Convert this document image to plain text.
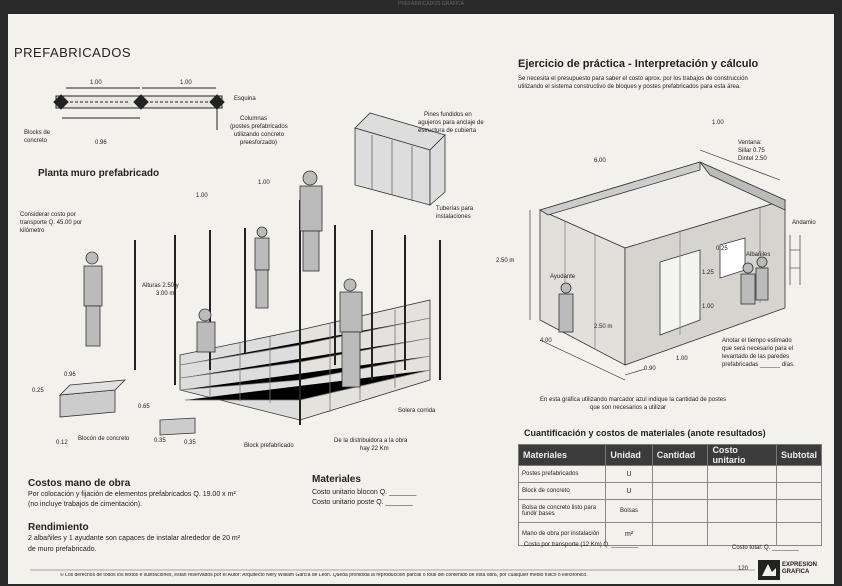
PREFABRICADOS GRAFICA
PREFABRICADOS
1.00	1.00
0.96
Esquina
Blocks de
concreto
Columnas
(postes prefabricados
utilizando concreto
preesforzado)
Pines fundidos en
agujeros para anclaje de
estructura de cubierta
Planta muro prefabricado
1.00
1.00
Considerar costo por
transporte Q. 45.00 por
kilómetro
Tuberías para
instalaciones
Alturas 2.50 y
3.00 m
0.96
0.25
0.65
0.12	0.35	0.35
Blocón de concreto
Block prefabricado
Solera corrida
De la distribuidora a la obra
hay 22 Km
Costos mano de obra
Por colocación y fijación de elementos prefabricados Q. 19.00 x m²
(no incluye trabajos de cimentación).
Rendimiento
2 albañiles y 1 ayudante son capaces de instalar alrededor de 20 m²
de muro prefabricado.
Materiales
Costo unitario blocon Q. _______
Costo unitario poste Q. _______
Ejercicio de práctica - Interpretación y cálculo
Se necesita el presupuesto para saber el costo aprox. por los trabajos de construcción
utilizando el sistema constructivo de bloques y postes prefabricados para esta área.
1.00
6.00
2.50 m
2.50 m
4.00
0.90
1.00
1.25
0.25
1.00
Ventana:
Sillar 0.75
Dintel 2.50
Andamio
Albañiles
Ayudante
Anotar el tiempo estimado
que será necesario para el
levantado de las paredes
prefabricadas ______ días.
En esta gráfica utilizando marcador azul indique la cantidad de postes
que son necesarios a utilizar
Cuantificación y costos de materiales (anote resultados)
Materiales	Unidad	Cantidad	Costo unitario	Subtotal
Postes prefabricados	U			
Block de concreto	U			
Bolsa de concreto listo para fundir bases	Bolsas			
Mano de obra por instalación	m²			
Costo por transporte (12 Km) Q. ________	Costo total: Q. ________
© Los derechos de todos los textos e ilustraciones, están reservados por el Autor: Arquitecto Nery William García de León. Queda prohibida la reproducción parcial o total del contenido de esta obra, por cualquier medio físico o electrónico.
120
EXPRESION
GRAFICA
